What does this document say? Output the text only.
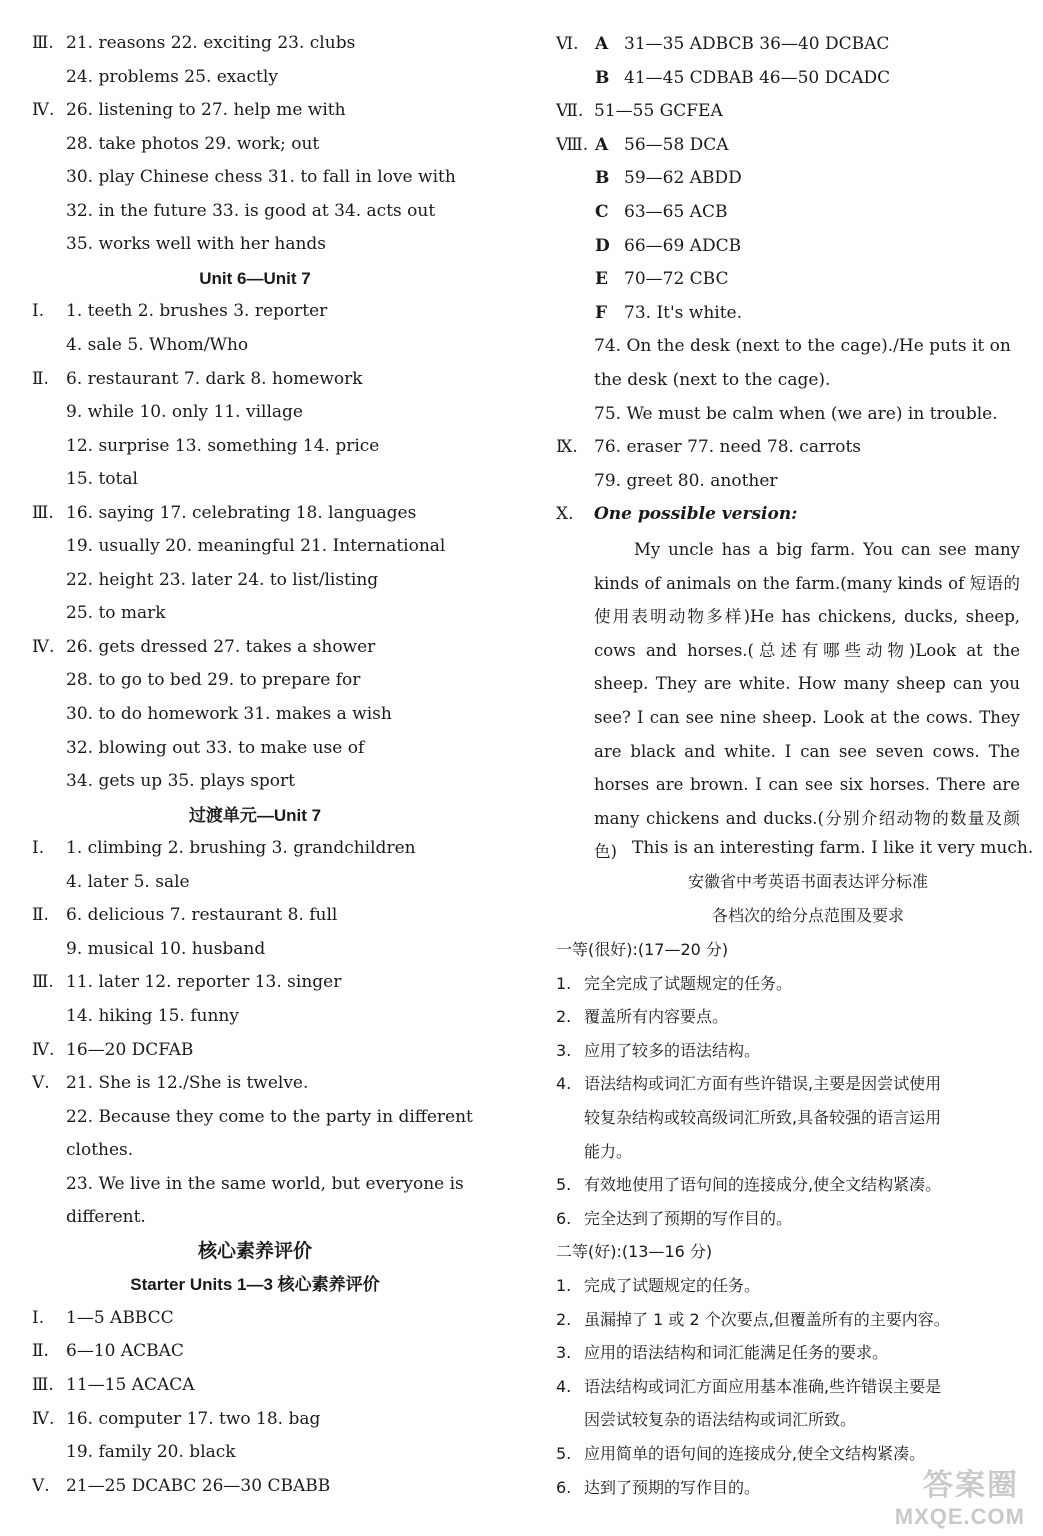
Ⅲ. 21. reasons 22. exciting 23. clubs
24. problems 25. exactly
Ⅳ. 26. listening to 27. help me with
28. take photos 29. work; out
30. play Chinese chess 31. to fall in love with
32. in the future 33. is good at 34. acts out
35. works well with her hands
Unit 6—Unit 7
Ⅰ. 1. teeth 2. brushes 3. reporter
4. sale 5. Whom/Who
Ⅱ. 6. restaurant 7. dark 8. homework
9. while 10. only 11. village
12. surprise 13. something 14. price
15. total
Ⅲ. 16. saying 17. celebrating 18. languages
19. usually 20. meaningful 21. International
22. height 23. later 24. to list/listing
25. to mark
Ⅳ. 26. gets dressed 27. takes a shower
28. to go to bed 29. to prepare for
30. to do homework 31. makes a wish
32. blowing out 33. to make use of
34. gets up 35. plays sport
过渡单元—Unit 7
Ⅰ. 1. climbing 2. brushing 3. grandchildren
4. later 5. sale
Ⅱ. 6. delicious 7. restaurant 8. full
9. musical 10. husband
Ⅲ. 11. later 12. reporter 13. singer
14. hiking 15. funny
Ⅳ. 16—20 DCFAB
Ⅴ. 21. She is 12./She is twelve.
22. Because they come to the party in different
clothes.
23. We live in the same world, but everyone is
different.
核心素养评价
Starter Units 1—3 核心素养评价
Ⅰ. 1—5 ABBCC
Ⅱ. 6—10 ACBAC
Ⅲ. 11—15 ACACA
Ⅳ. 16. computer 17. two 18. bag
19. family 20. black
Ⅴ. 21—25 DCABC 26—30 CBABB
Ⅵ. A 31—35 ADBCB 36—40 DCBAC
B 41—45 CDBAB 46—50 DCADC
Ⅶ. 51—55 GCFEA
Ⅷ. A 56—58 DCA
B 59—62 ABDD
C 63—65 ACB
D 66—69 ADCB
E 70—72 CBC
F 73. It's white.
74. On the desk (next to the cage)./He puts it on
the desk (next to the cage).
75. We must be calm when (we are) in trouble.
Ⅸ. 76. eraser 77. need 78. carrots
79. greet 80. another
Ⅹ. One possible version:
My uncle has a big farm. You can see many kinds of animals on the farm.(many kinds of 短语的使用表明动物多样)He has chickens, ducks, sheep, cows and horses.(总述有哪些动物)Look at the sheep. They are white. How many sheep can you see? I can see nine sheep. Look at the cows. They are black and white. I can see seven cows. The horses are brown. I can see six horses. There are many chickens and ducks.(分别介绍动物的数量及颜色) This is an interesting farm. I like it very much.
安徽省中考英语书面表达评分标准
各档次的给分点范围及要求
一等(很好):(17—20 分)
1. 完全完成了试题规定的任务。
2. 覆盖所有内容要点。
3. 应用了较多的语法结构。
4. 语法结构或词汇方面有些许错误,主要是因尝试使用
较复杂结构或较高级词汇所致,具备较强的语言运用
能力。
5. 有效地使用了语句间的连接成分,使全文结构紧凑。
6. 完全达到了预期的写作目的。
二等(好):(13—16 分)
1. 完成了试题规定的任务。
2. 虽漏掉了 1 或 2 个次要点,但覆盖所有的主要内容。
3. 应用的语法结构和词汇能满足任务的要求。
4. 语法结构或词汇方面应用基本准确,些许错误主要是
因尝试较复杂的语法结构或词汇所致。
5. 应用简单的语句间的连接成分,使全文结构紧凑。
6. 达到了预期的写作目的。	答案圈
MXQE.COM
